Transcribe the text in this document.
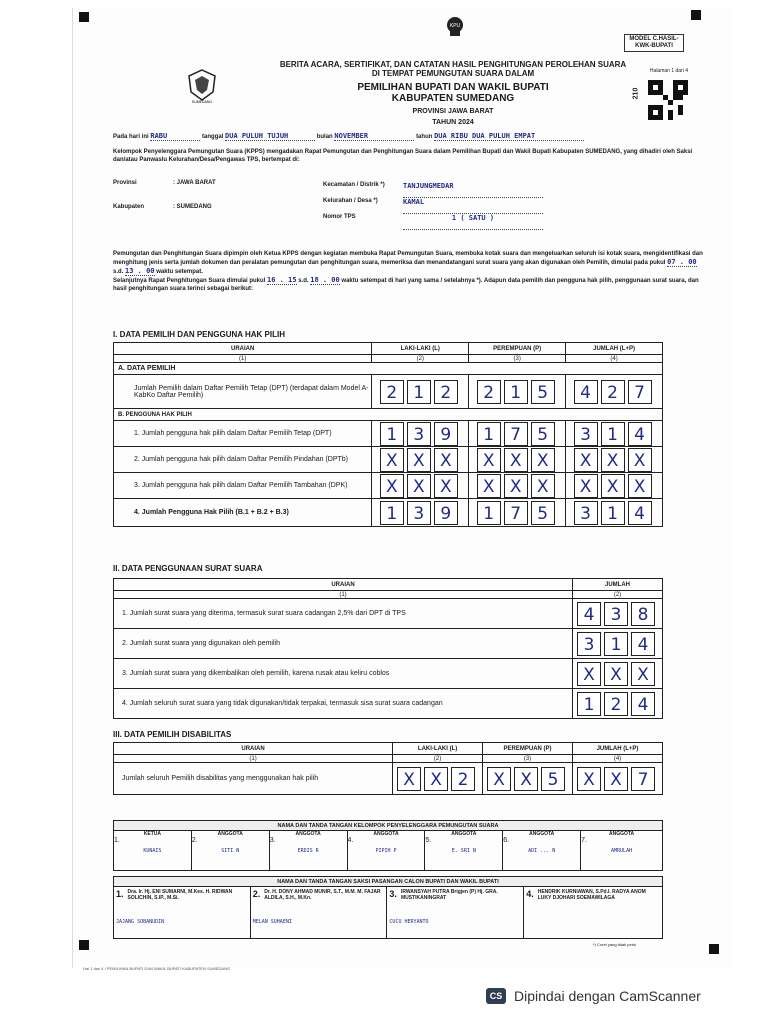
KPU
SUMEDANG
MODEL C.HASIL-KWK-BUPATI
Halaman 1 dari 4
210
BERITA ACARA, SERTIFIKAT, DAN CATATAN HASIL PENGHITUNGAN PEROLEHAN SUARA
DI TEMPAT PEMUNGUTAN SUARA DALAM
PEMILIHAN BUPATI DAN WAKIL BUPATI
KABUPATEN SUMEDANG
PROVINSI JAWA BARAT
TAHUN 2024
Pada hari ini RABU	tanggal DUA PULUH TUJUH	bulan NOVEMBER	tahun DUA RIBU DUA PULUH EMPAT
Kelompok Penyelenggara Pemungutan Suara (KPPS) mengadakan Rapat Pemungutan dan Penghitungan Suara dalam Pemilihan Bupati dan Wakil Bupati Kabupaten SUMEDANG, yang dihadiri oleh Saksi dan/atau Panwaslu Kelurahan/Desa/Pengawas TPS, bertempat di:
Provinsi	: JAWA BARAT
Kabupaten	: SUMEDANG
Kecamatan / Distrik *)	TANJUNGMEDAR
Kelurahan / Desa *)	KAMAL
Nomor TPS	1 ( SATU )
Pemungutan dan Penghitungan Suara dipimpin oleh Ketua KPPS dengan kegiatan membuka Rapat Pemungutan Suara, membuka kotak suara dan mengeluarkan seluruh isi kotak suara, mengidentifikasi dan menghitung jenis serta jumlah dokumen dan peralatan pemungutan dan penghitungan suara, memeriksa dan menandatangani surat suara yang akan digunakan oleh Pemilih, dimulai pada pukul 07 . 00 s.d. 13 . 00 waktu setempat.
Selanjutnya Rapat Penghitungan Suara dimulai pukul 16 . 15 s.d. 18 . 00 waktu setempat di hari yang sama / setelahnya *). Adapun data pemilih dan pengguna hak pilih, penggunaan surat suara, dan hasil penghitungan suara terinci sebagai berikut:
I. DATA PEMILIH DAN PENGGUNA HAK PILIH
URAIAN	LAKI-LAKI (L)	PEREMPUAN (P)	JUMLAH (L+P)
(1)	(2)	(3)	(4)
A. DATA PEMILIH			
Jumlah Pemilih dalam Daftar Pemilih Tetap (DPT) (terdapat dalam Model A-KabKo Daftar Pemilih)	2 1 2	2 1 5	4 2 7

B. PENGGUNA HAK PILIH			
1. Jumlah pengguna hak pilih dalam Daftar Pemilih Tetap (DPT)	1 3 9	1 7 5	3 1 4

2. Jumlah pengguna hak pilih dalam Daftar Pemilih Pindahan (DPTb)	X X X	X X X	X X X

3. Jumlah pengguna hak pilih dalam Daftar Pemilih Tambahan (DPK)	X X X	X X X	X X X

4. Jumlah Pengguna Hak Pilih (B.1 + B.2 + B.3)	1 3 9	1 7 5	3 1 4
II. DATA PENGGUNAAN SURAT SUARA
URAIAN	JUMLAH
(1)	(2)
1. Jumlah surat suara yang diterima, termasuk surat suara cadangan 2,5% dari DPT di TPS	4 3 8

2. Jumlah surat suara yang digunakan oleh pemilih	3 1 4

3. Jumlah surat suara yang dikembalikan oleh pemilih, karena rusak atau keliru coblos	X X X

4. Jumlah seluruh surat suara yang tidak digunakan/tidak terpakai, termasuk sisa surat suara cadangan	1 2 4
III. DATA PEMILIH DISABILITAS
URAIAN	LAKI-LAKI (L)	PEREMPUAN (P)	JUMLAH (L+P)
(1)	(2)	(3)	(4)
Jumlah seluruh Pemilih disabilitas yang menggunakan hak pilih	X X 2	X X 5	X X 7
NAMA DAN TANDA TANGAN KELOMPOK PENYELENGGARA PEMUNGUTAN SUARA

KETUA
1.
KUNAIS

ANGGOTA
2.
SITI N

ANGGOTA
3.
ERDIS R

ANGGOTA
4.
PIPIH P

ANGGOTA
5.
E. SRI N

ANGGOTA
6.
ADI ... N

ANGGOTA
7.
AMRULAH
NAMA DAN TANDA TANGAN SAKSI PASANGAN CALON BUPATI DAN WAKIL BUPATI

1. Dra. Ir. Hj. ENI SUMARNI, M.Kes. H. RIDWAN SOLICHIN, S.IP., M.Si.
JAJANG SOBANUDIN

2. Dr. H. DONY AHMAD MUNIR, S.T., M.M. M. FAJAR ALDILA, S.H., M.Kn.
MELAN SUHAENI

3. IRWANSYAH PUTRA Brigjen (P) Hj. GRA. MUSTIKANINGRAT
CUCU HERYANTO

4. HENDRIK KURNIAWAN, S.Pd.I. RADYA ANOM LUKY DJOHARI SOEMAWILAGA
*) Coret yang tidak perlu
Hal 1 dari 4 / PEMILIHAN BUPATI DAN WAKIL BUPATI KABUPATEN SUMEDANG
CS Dipindai dengan CamScanner
